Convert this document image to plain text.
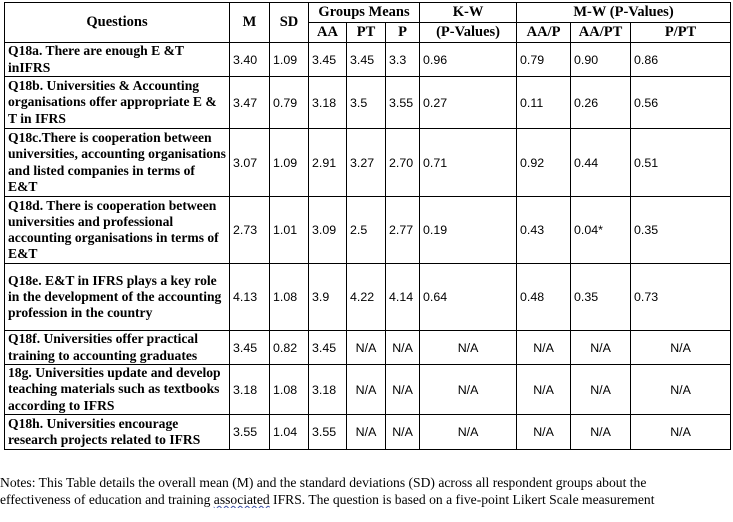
Questions	M	SD	Groups Means			K-W	M-W (P-Values)		
			AA	PT	P	(P-Values)	AA/P	AA/PT	P/PT
Q18a. There are enough E &T inIFRS	3.40	1.09	3.45	3.45	3.3	0.96	0.79	0.90	0.86
Q18b. Universities & Accounting organisations offer appropriate E & T in IFRS	3.47	0.79	3.18	3.5	3.55	0.27	0.11	0.26	0.56
Q18c.There is cooperation between universities, accounting organisations and listed companies in terms of E&T	3.07	1.09	2.91	3.27	2.70	0.71	0.92	0.44	0.51
Q18d. There is cooperation between universities and professional accounting organisations in terms of E&T	2.73	1.01	3.09	2.5	2.77	0.19	0.43	0.04*	0.35
Q18e. E&T in IFRS plays a key role in the development of the accounting profession in the country	4.13	1.08	3.9	4.22	4.14	0.64	0.48	0.35	0.73
Q18f. Universities offer practical training to accounting graduates	3.45	0.82	3.45	N/A	N/A	N/A	N/A	N/A	N/A
18g. Universities update and develop teaching materials such as textbooks according to IFRS	3.18	1.08	3.18	N/A	N/A	N/A	N/A	N/A	N/A
Q18h. Universities encourage research projects related to IFRS	3.55	1.04	3.55	N/A	N/A	N/A	N/A	N/A	N/A

Notes: This Table details the overall mean (M) and the standard deviations (SD) across all respondent groups about the

effectiveness of education and training associated IFRS. The question is based on a five-point Likert Scale measurement
